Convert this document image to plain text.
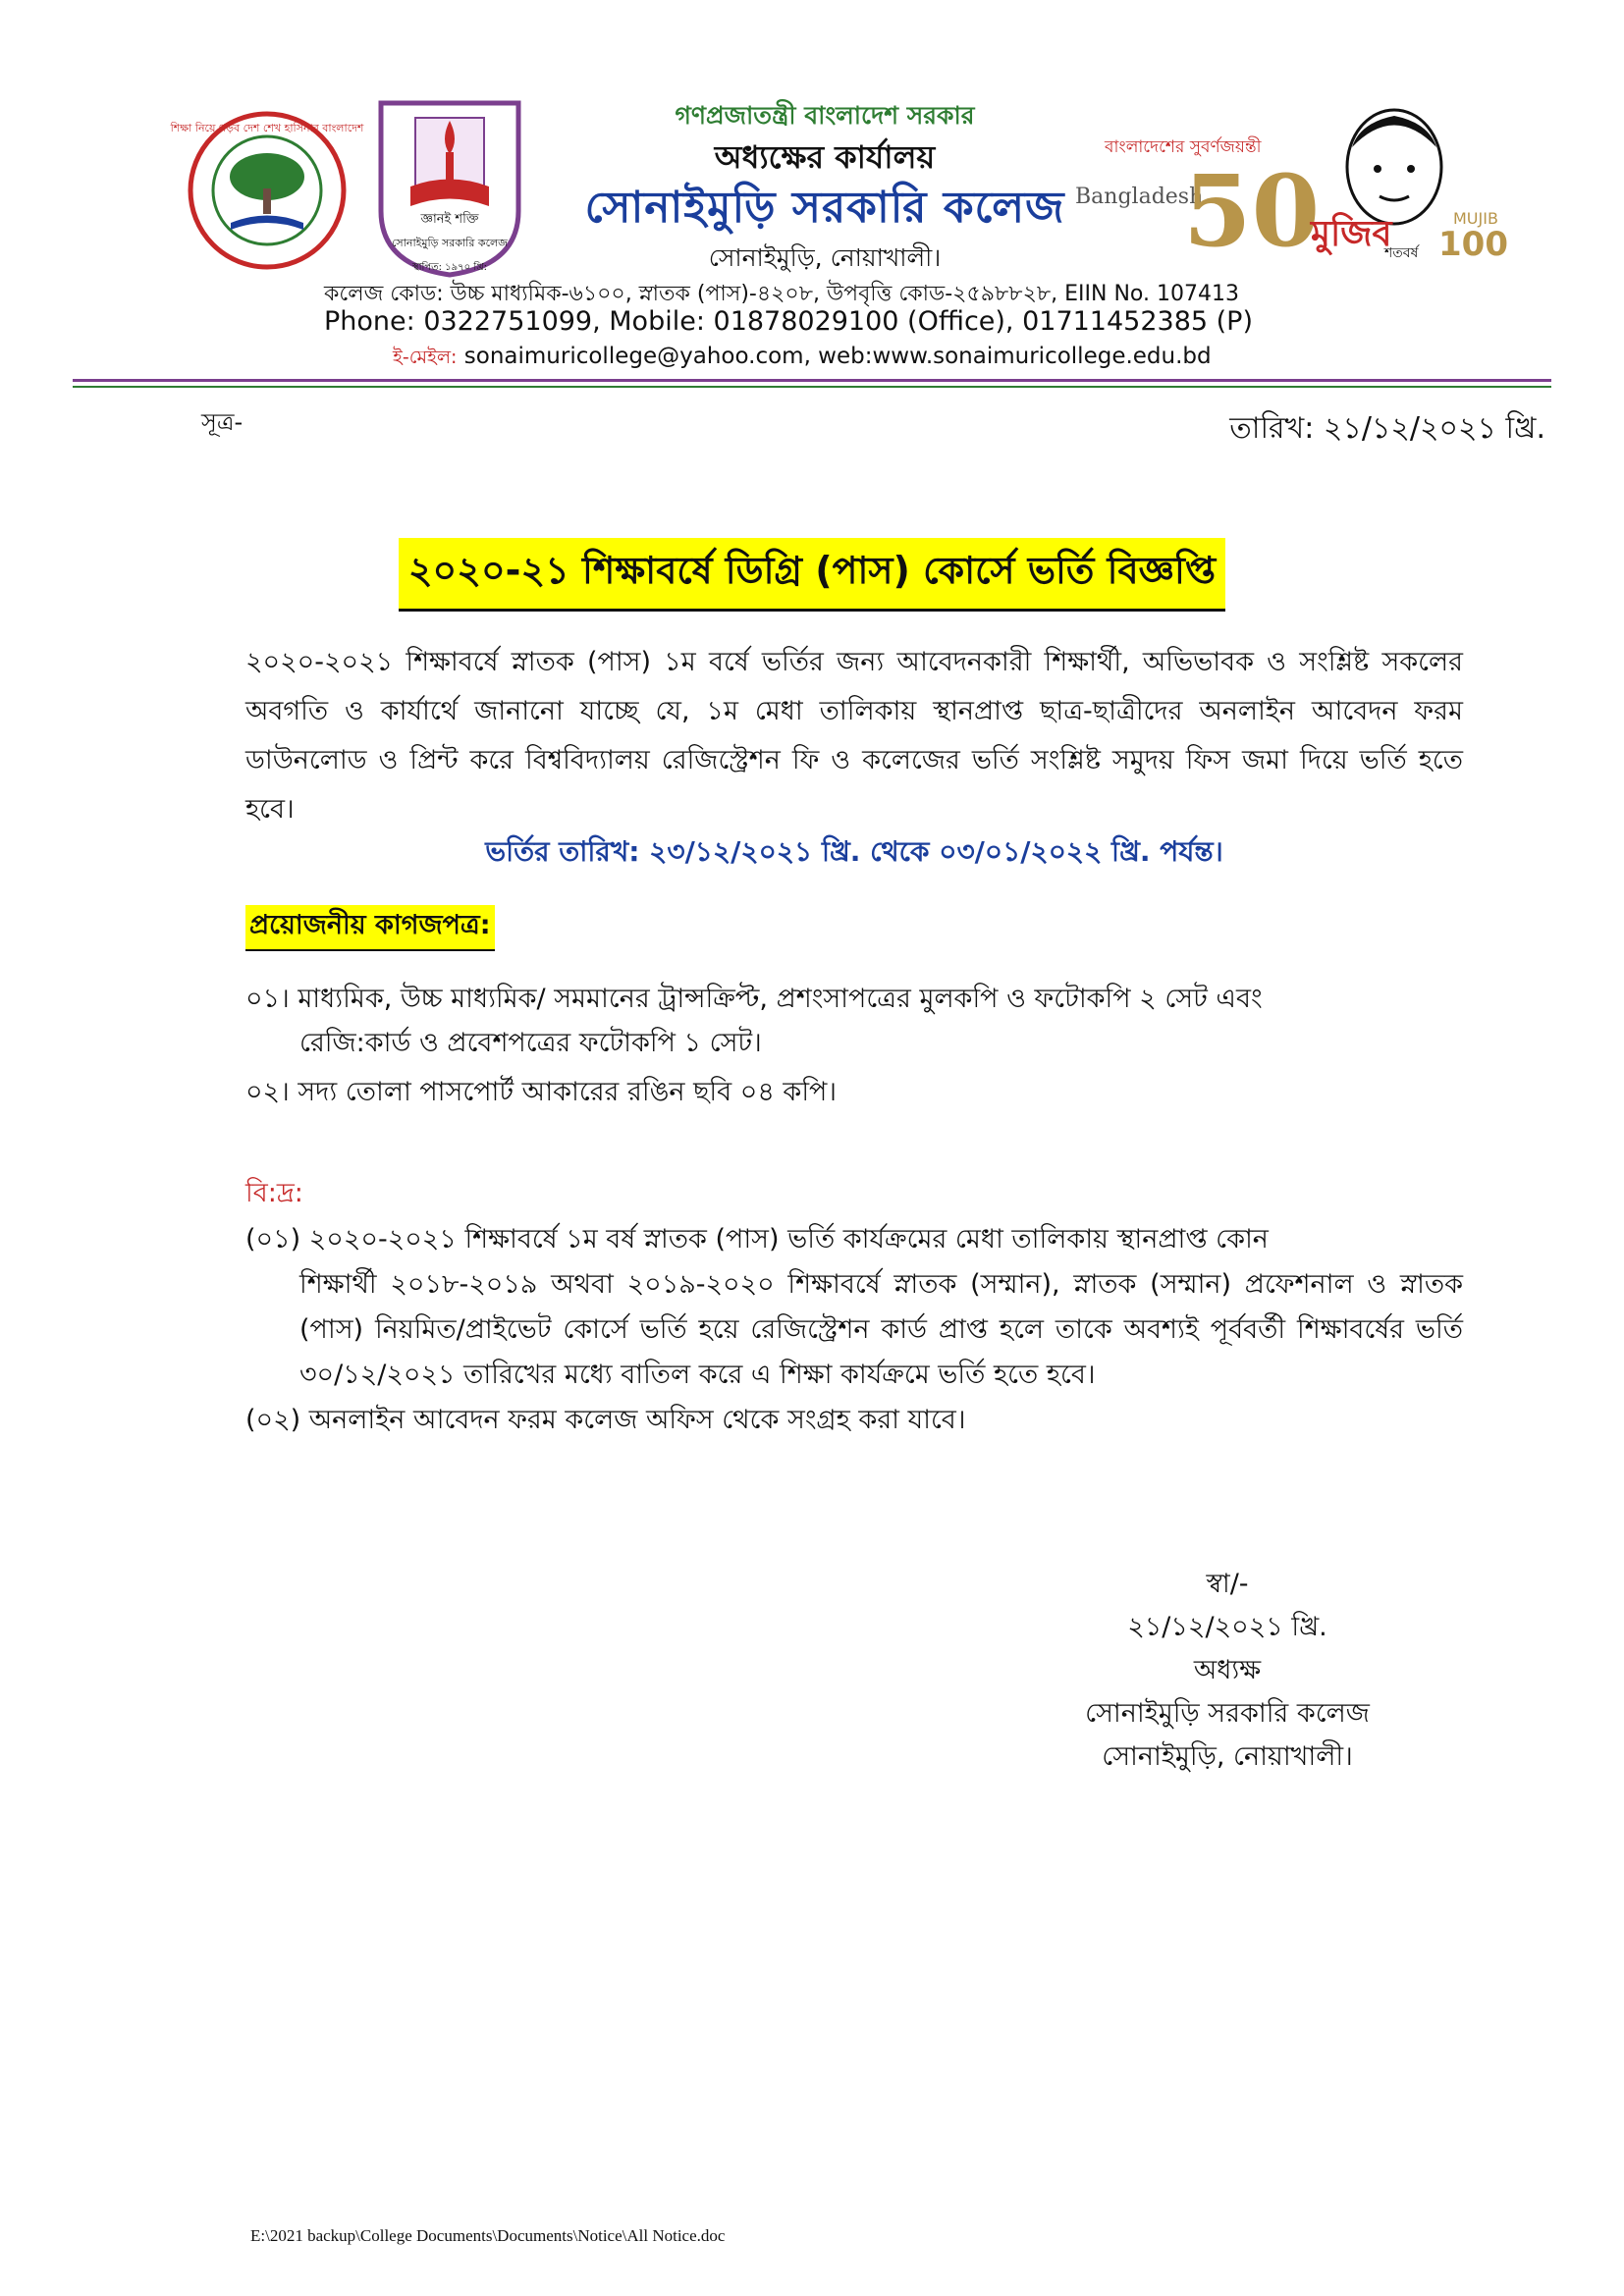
শিক্ষা নিয়ে গড়ব দেশ শেখ হাসিনার বাংলাদেশ
জ্ঞানই শক্তি
সোনাইমুড়ি সরকারি কলেজ
স্থাপিত: ১৯৭০ খ্রি:
বাংলাদেশের সুবর্ণজয়ন্তী
Bangladesh
50
মুজিব
শতবর্ষ
MUJIB
100
গণপ্রজাতন্ত্রী বাংলাদেশ সরকার
অধ্যক্ষের কার্যালয়
সোনাইমুড়ি সরকারি কলেজ
সোনাইমুড়ি, নোয়াখালী।
কলেজ কোড: উচ্চ মাধ্যমিক-৬১০০, স্নাতক (পাস)-৪২০৮, উপবৃত্তি কোড-২৫৯৮৮২৮, EIIN No. 107413
Phone: 0322751099, Mobile: 01878029100 (Office), 01711452385 (P)
ই-মেইল: sonaimuricollege@yahoo.com, web:www.sonaimuricollege.edu.bd
সূত্র-	তারিখ: ২১/১২/২০২১ খ্রি.
২০২০-২১ শিক্ষাবর্ষে ডিগ্রি (পাস) কোর্সে ভর্তি বিজ্ঞপ্তি
২০২০-২০২১ শিক্ষাবর্ষে স্নাতক (পাস) ১ম বর্ষে ভর্তির জন্য আবেদনকারী শিক্ষার্থী, অভিভাবক ও সংশ্লিষ্ট সকলের অবগতি ও কার্যার্থে জানানো যাচ্ছে যে, ১ম মেধা তালিকায় স্থানপ্রাপ্ত ছাত্র-ছাত্রীদের অনলাইন আবেদন ফরম ডাউনলোড ও প্রিন্ট করে বিশ্ববিদ্যালয় রেজিস্ট্রেশন ফি ও কলেজের ভর্তি সংশ্লিষ্ট সমুদয় ফিস জমা দিয়ে ভর্তি হতে হবে।
ভর্তির তারিখ: ২৩/১২/২০২১ খ্রি. থেকে ০৩/০১/২০২২ খ্রি. পর্যন্ত।
প্রয়োজনীয় কাগজপত্র:
০১। মাধ্যমিক, উচ্চ মাধ্যমিক/ সমমানের ট্রান্সক্রিপ্ট, প্রশংসাপত্রের মুলকপি ও ফটোকপি ২ সেট এবং
রেজি:কার্ড ও প্রবেশপত্রের ফটোকপি ১ সেট।
০২। সদ্য তোলা পাসপোর্ট আকারের রঙিন ছবি ০৪ কপি।
বি:দ্র:
(০১) ২০২০-২০২১ শিক্ষাবর্ষে ১ম বর্ষ স্নাতক (পাস) ভর্তি কার্যক্রমের মেধা তালিকায় স্থানপ্রাপ্ত কোন
শিক্ষার্থী ২০১৮-২০১৯ অথবা ২০১৯-২০২০ শিক্ষাবর্ষে স্নাতক (সম্মান), স্নাতক (সম্মান) প্রফেশনাল ও স্নাতক (পাস) নিয়মিত/প্রাইভেট কোর্সে ভর্তি হয়ে রেজিস্ট্রেশন কার্ড প্রাপ্ত হলে তাকে অবশ্যই পূর্ববর্তী শিক্ষাবর্ষের ভর্তি ৩০/১২/২০২১ তারিখের মধ্যে বাতিল করে এ শিক্ষা কার্যক্রমে ভর্তি হতে হবে।
(০২) অনলাইন আবেদন ফরম কলেজ অফিস থেকে সংগ্রহ করা যাবে।
স্বা/-
২১/১২/২০২১ খ্রি.
অধ্যক্ষ
সোনাইমুড়ি সরকারি কলেজ
সোনাইমুড়ি, নোয়াখালী।
E:\2021 backup\College Documents\Documents\Notice\All Notice.doc
